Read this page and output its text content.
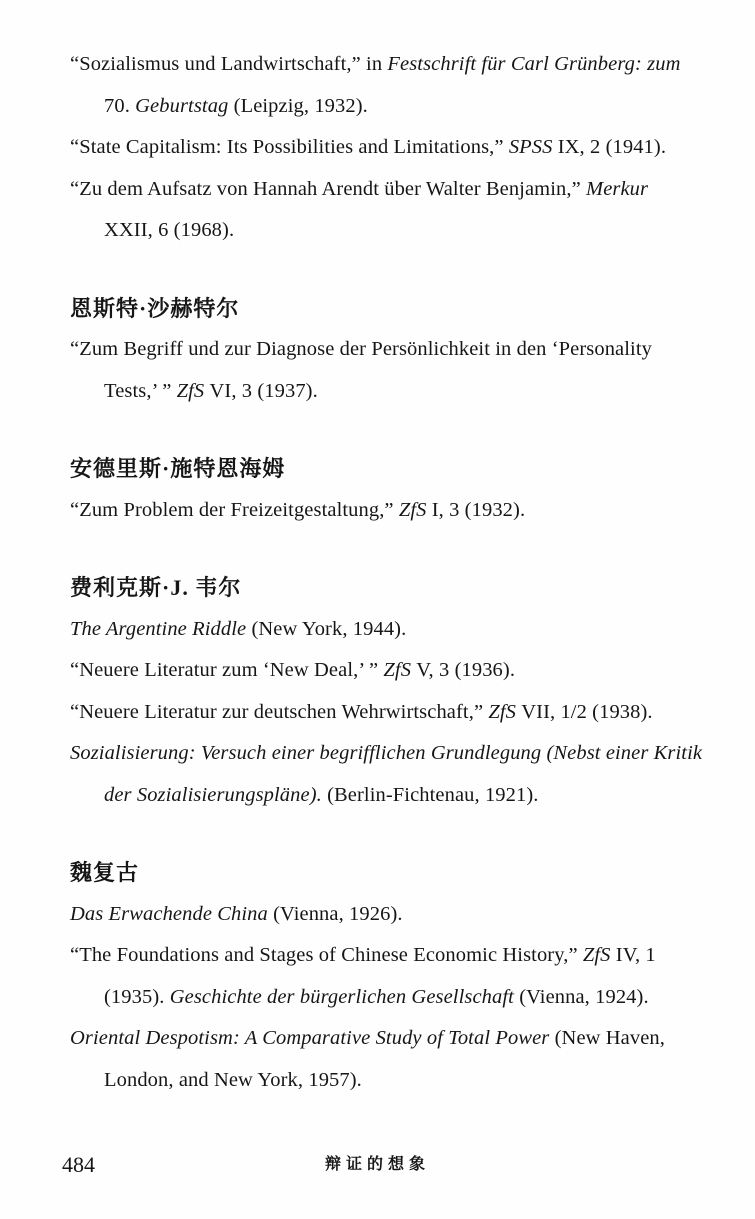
“Sozialismus und Landwirtschaft,” in Festschrift für Carl Grünberg: zum
70. Geburtstag (Leipzig, 1932).

“State Capitalism: Its Possibilities and Limitations,” SPSS IX, 2 (1941).

“Zu dem Aufsatz von Hannah Arendt über Walter Benjamin,” Merkur
XXII, 6 (1968).

恩斯特·沙赫特尔

“Zum Begriff und zur Diagnose der Persönlichkeit in den ‘Personality
Tests,’ ” ZfS VI, 3 (1937).

安德里斯·施特恩海姆

“Zum Problem der Freizeitgestaltung,” ZfS I, 3 (1932).

费利克斯·J. 韦尔

The Argentine Riddle (New York, 1944).

“Neuere Literatur zum ‘New Deal,’ ” ZfS V, 3 (1936).

“Neuere Literatur zur deutschen Wehrwirtschaft,” ZfS VII, 1/2 (1938).

Sozialisierung: Versuch einer begrifflichen Grundlegung (Nebst einer Kritik
der Sozialisierungspläne). (Berlin-Fichtenau, 1921).

魏复古

Das Erwachende China (Vienna, 1926).

“The Foundations and Stages of Chinese Economic History,” ZfS IV, 1
(1935). Geschichte der bürgerlichen Gesellschaft (Vienna, 1924).

Oriental Despotism: A Comparative Study of Total Power (New Haven,
London, and New York, 1957).

484	辩证的想象
